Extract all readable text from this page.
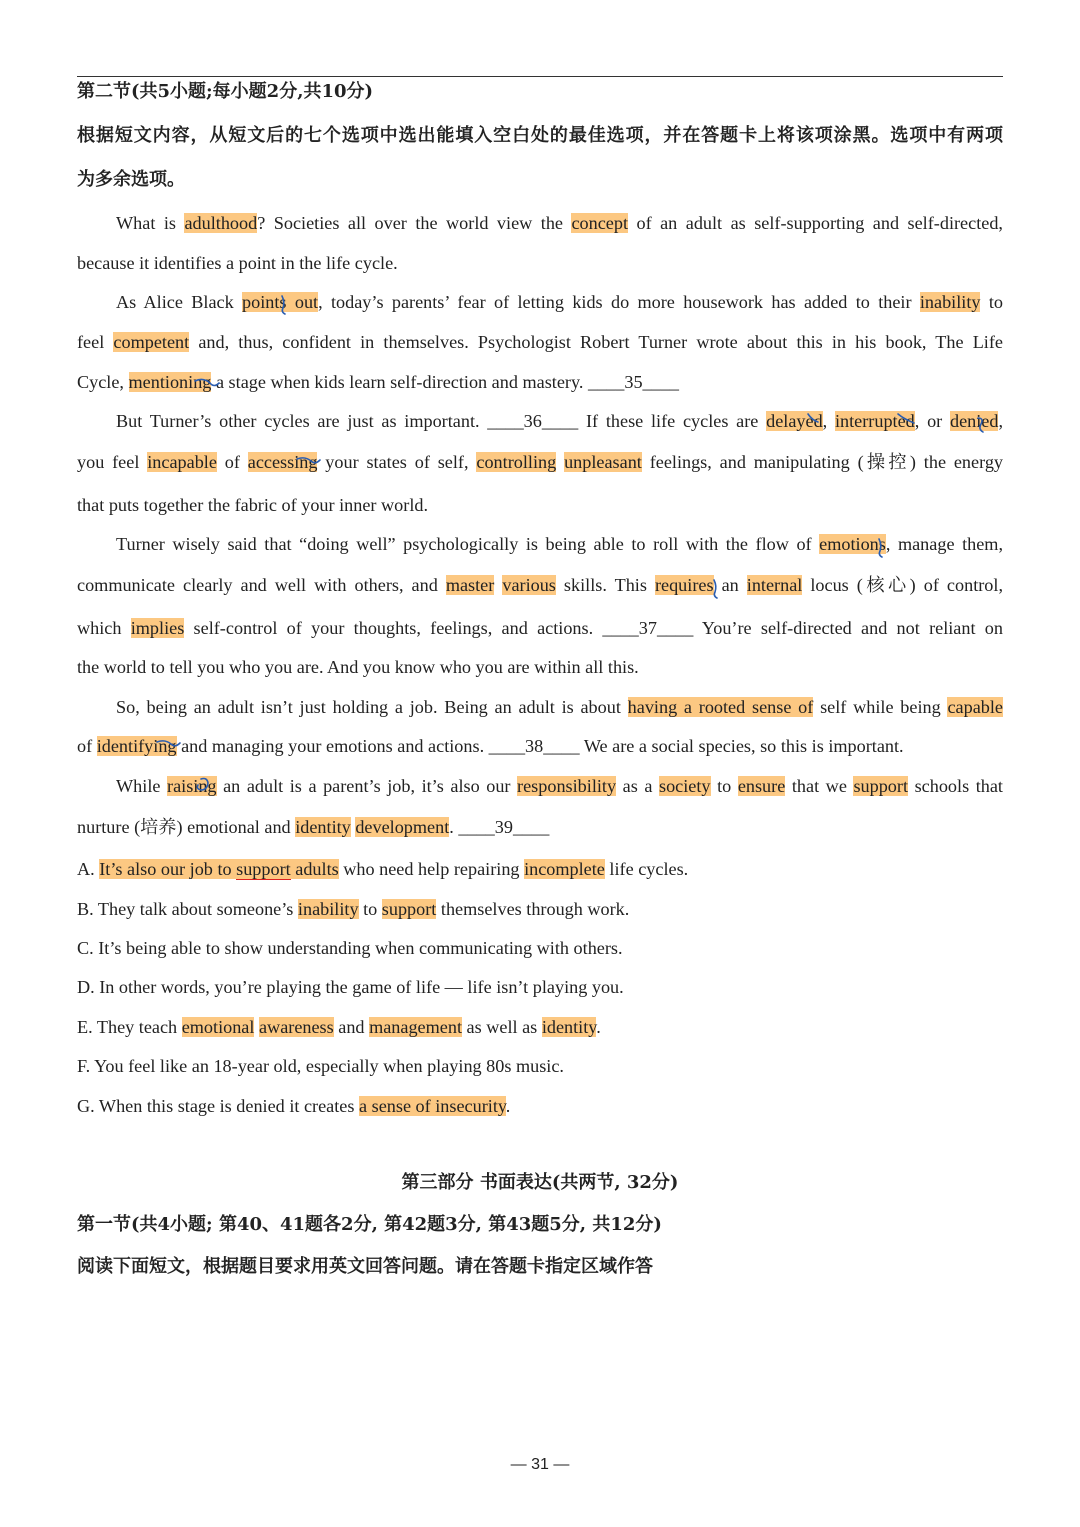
第二节(共5小题;每小题2分,共10分)
根据短文内容，从短文后的七个选项中选出能填入空白处的最佳选项，并在答题卡上将该项涂黑。选项中有两项
为多余选项。
What is adulthood? Societies all over the world view the concept of an adult as self-supporting and self-directed,
because it identifies a point in the life cycle.
As Alice Black points out, today’s parents’ fear of letting kids do more housework has added to their inability to
feel competent and, thus, confident in themselves. Psychologist Robert Turner wrote about this in his book, The Life
Cycle, mentioning a stage when kids learn self-direction and mastery. ____35____
But Turner’s other cycles are just as important. ____36____ If these life cycles are delayed, interrupted, or denied,
you feel incapable of accessing your states of self, controlling unpleasant feelings, and manipulating (操控) the energy
that puts together the fabric of your inner world.
Turner wisely said that “doing well” psychologically is being able to roll with the flow of emotions, manage them,
communicate clearly and well with others, and master various skills. This requires an internal locus (核心) of control,
which implies self-control of your thoughts, feelings, and actions. ____37____ You’re self-directed and not reliant on
the world to tell you who you are. And you know who you are within all this.
So, being an adult isn’t just holding a job. Being an adult is about having a rooted sense of self while being capable
of identifying and managing your emotions and actions. ____38____ We are a social species, so this is important.
While raising an adult is a parent’s job, it’s also our responsibility as a society to ensure that we support schools that
nurture (培养) emotional and identity development. ____39____
A. It’s also our job to support adults who need help repairing incomplete life cycles.
B. They talk about someone’s inability to support themselves through work.
C. It’s being able to show understanding when communicating with others.
D. In other words, you’re playing the game of life — life isn’t playing you.
E. They teach emotional awareness and management as well as identity.
F. You feel like an 18-year old, especially when playing 80s music.
G. When this stage is denied it creates a sense of insecurity.
第三部分 书面表达(共两节, 32分)
第一节(共4小题; 第40、41题各2分, 第42题3分, 第43题5分, 共12分)
阅读下面短文，根据题目要求用英文回答问题。请在答题卡指定区域作答
— 31 —
